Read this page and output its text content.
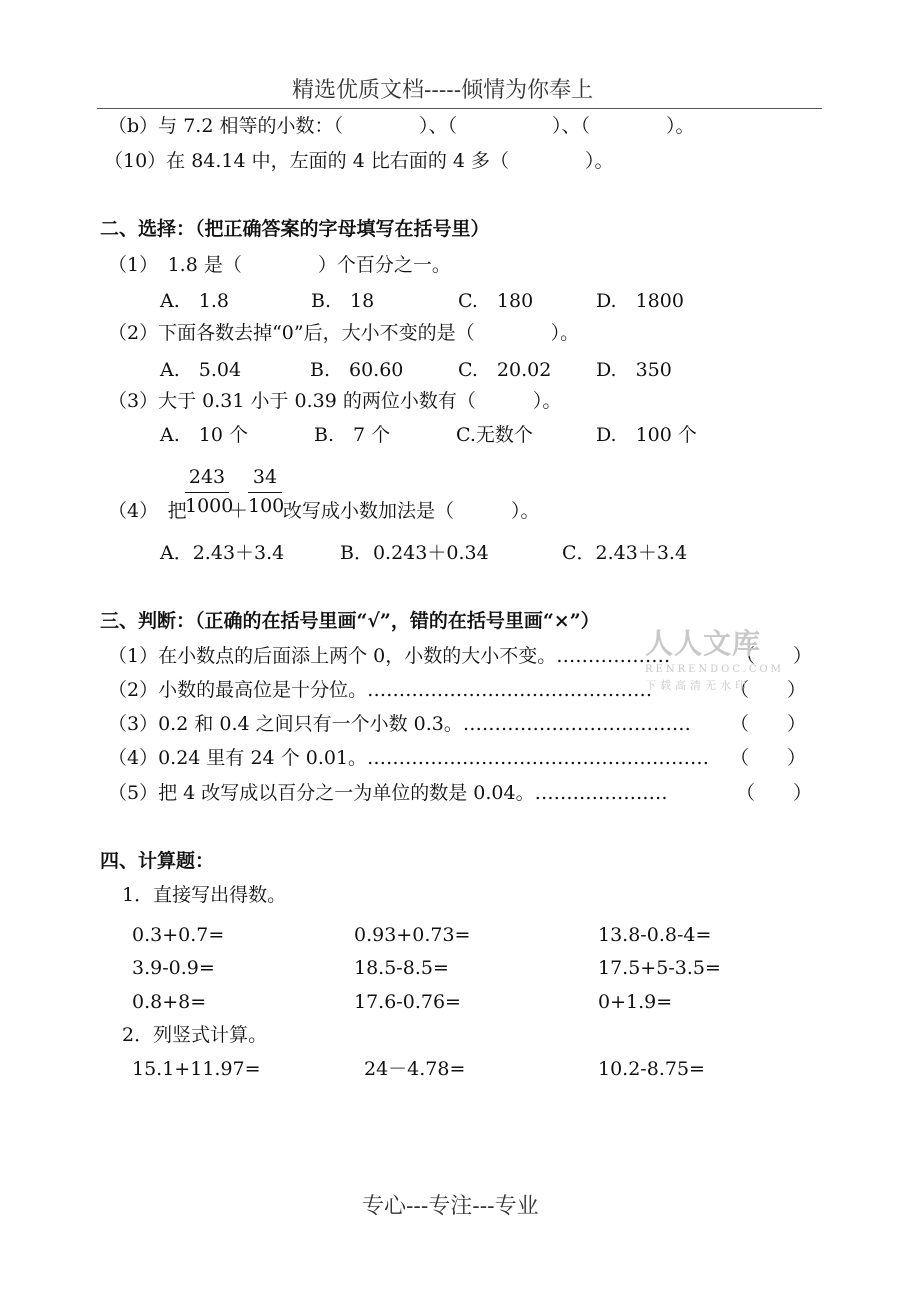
精选优质文档-----倾情为你奉上
（b）与 7.2 相等的小数：（　　　　）、（　　　　　）、（　　　　）。
（10）在 84.14 中，左面的 4 比右面的 4 多（　　　　）。
二、选择：（把正确答案的字母填写在括号里）
（1）　1.8 是（　　　　）个百分之一。
A.　1.8	B.　18	C.　180	D.　1800
（2）下面各数去掉“0”后，大小不变的是（　　　　）。
A.　5.04	B.　60.60	C.　20.02 D.　350
（3）大于 0.31 小于 0.39 的两位小数有（　　　）。
A.　10 个	B.　7 个	C.无数个	D.　100 个
（4）　把
$\frac{243}{1000} + \frac{34}{100}$ 改写成小数加法是（　　　）。
A．2.43＋3.4	B．0.243＋0.34	C．2.43＋3.4
三、判断：（正确的在括号里画“√”，错的在括号里画“×”）
（1）在小数点的后面添上两个 0，小数的大小不变。………………	（　　）
（2）小数的最高位是十分位。………………………………………	（　　）
（3）0.2 和 0.4 之间只有一个小数 0.3。……………………………… （　　）
（4）0.24 里有 24 个 0.01。……………………………………………… （　　）
（5）把 4 改写成以百分之一为单位的数是 0.04。…………………	（　　）
人人文库
RENRENDOC.COM
下载高清无水印
四、计算题：
1．直接写出得数。
0.3+0.7=	0.93+0.73=	13.8-0.8-4=
3.9-0.9=	18.5-8.5=	17.5+5-3.5=
0.8+8=	17.6-0.76=	0+1.9=
2．列竖式计算。
15.1+11.97=	24－4.78=	10.2-8.75=
专心---专注---专业
